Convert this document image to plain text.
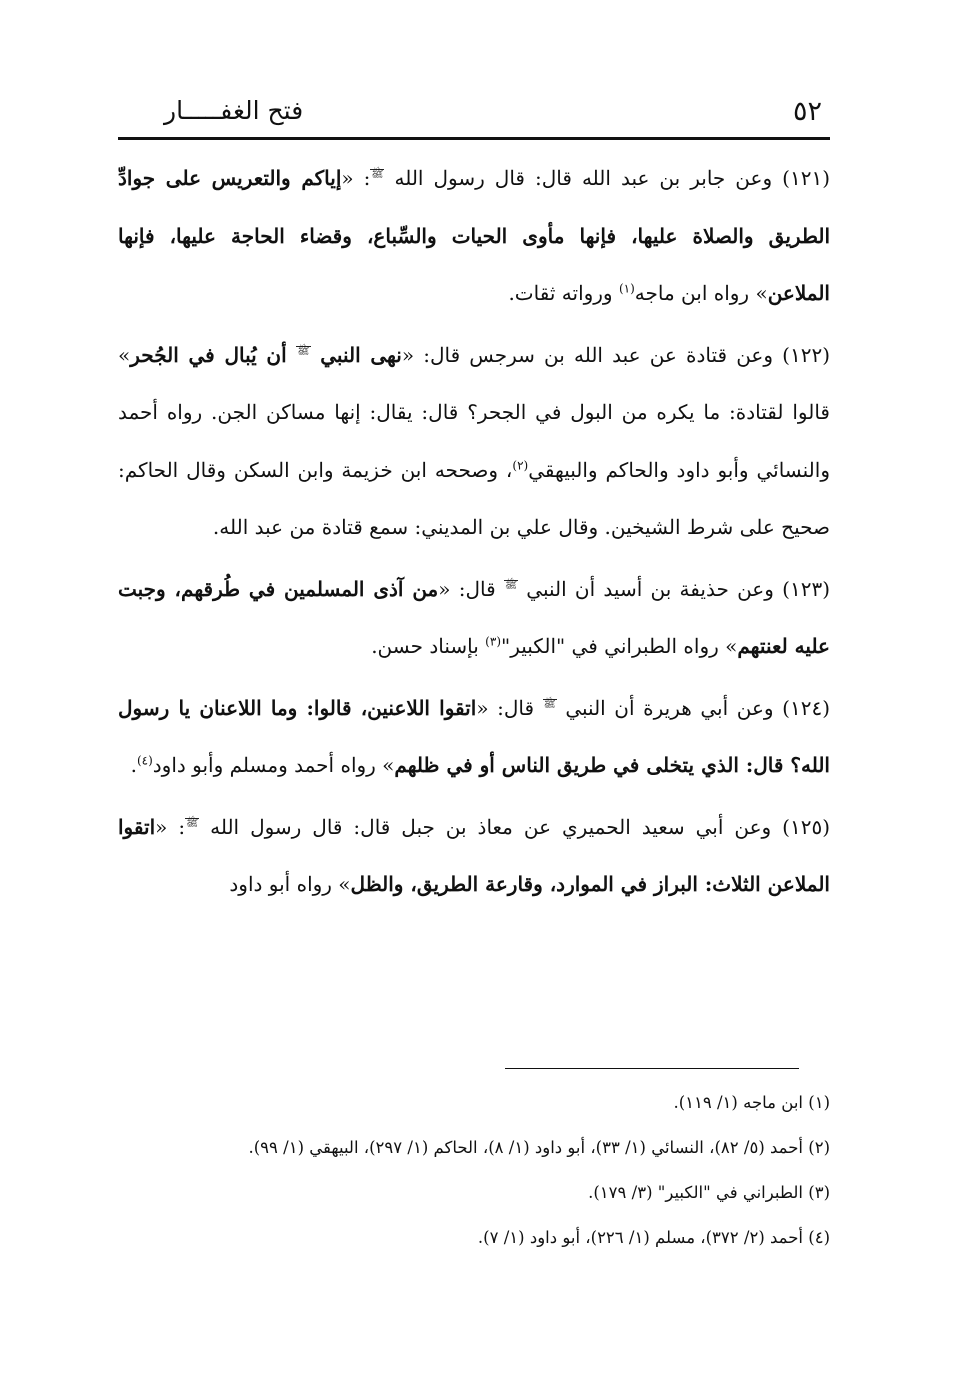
٥٢
فتح الغفـــــار

(١٢١) وعن جابر بن عبد الله قال: قال رسول الله ﷺ: «إياكم والتعريس على جوادِّ الطريق والصلاة عليها، فإنها مأوى الحيات والسِّباع، وقضاء الحاجة عليها، فإنها الملاعن» رواه ابن ماجه$^{(١)}$ ورواته ثقات.

(١٢٢) وعن قتادة عن عبد الله بن سرجس قال: «نهى النبي ﷺ أن يُبال في الجُحر» قالوا لقتادة: ما يكره من البول في الجحر؟ قال: يقال: إنها مساكن الجن. رواه أحمد والنسائي وأبو داود والحاكم والبيهقي$^{(٢)}$، وصححه ابن خزيمة وابن السكن وقال الحاكم: صحيح على شرط الشيخين. وقال علي بن المديني: سمع قتادة من عبد الله.

(١٢٣) وعن حذيفة بن أسيد أن النبي ﷺ قال: «من آذى المسلمين في طُرقهم، وجبت عليه لعنتهم» رواه الطبراني في "الكبير"$^{(٣)}$ بإسناد حسن.

(١٢٤) وعن أبي هريرة أن النبي ﷺ قال: «اتقوا اللاعنين، قالوا: وما اللاعنان يا رسول الله؟ قال: الذي يتخلى في طريق الناس أو في ظلهم» رواه أحمد ومسلم وأبو داود$^{(٤)}$.

(١٢٥) وعن أبي سعيد الحميري عن معاذ بن جبل قال: قال رسول الله ﷺ: «اتقوا الملاعن الثلاث: البراز في الموارد، وقارعة الطريق، والظل» رواه أبو داود

(١) ابن ماجه (١/ ١١٩).

(٢) أحمد (٥/ ٨٢)، النسائي (١/ ٣٣)، أبو داود (١/ ٨)، الحاكم (١/ ٢٩٧)، البيهقي (١/ ٩٩).

(٣) الطبراني في "الكبير" (٣/ ١٧٩).

(٤) أحمد (٢/ ٣٧٢)، مسلم (١/ ٢٢٦)، أبو داود (١/ ٧).
